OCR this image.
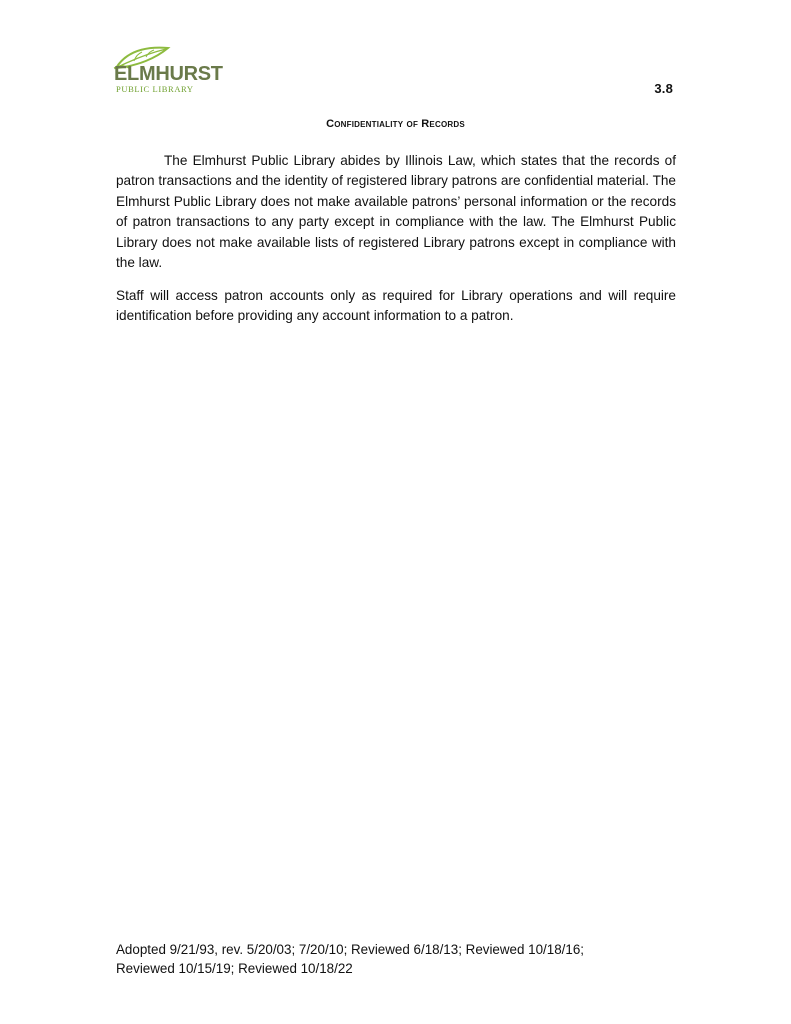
ELMHURST
PUBLIC LIBRARY	3.8
Confidentiality of Records

The Elmhurst Public Library abides by Illinois Law, which states that the records of patron transactions and the identity of registered library patrons are confidential material. The Elmhurst Public Library does not make available patrons’ personal information or the records of patron transactions to any party except in compliance with the law. The Elmhurst Public Library does not make available lists of registered Library patrons except in compliance with the law.

Staff will access patron accounts only as required for Library operations and will require identification before providing any account information to a patron.

Adopted 9/21/93, rev. 5/20/03; 7/20/10; Reviewed 6/18/13; Reviewed 10/18/16;
Reviewed 10/15/19; Reviewed 10/18/22
